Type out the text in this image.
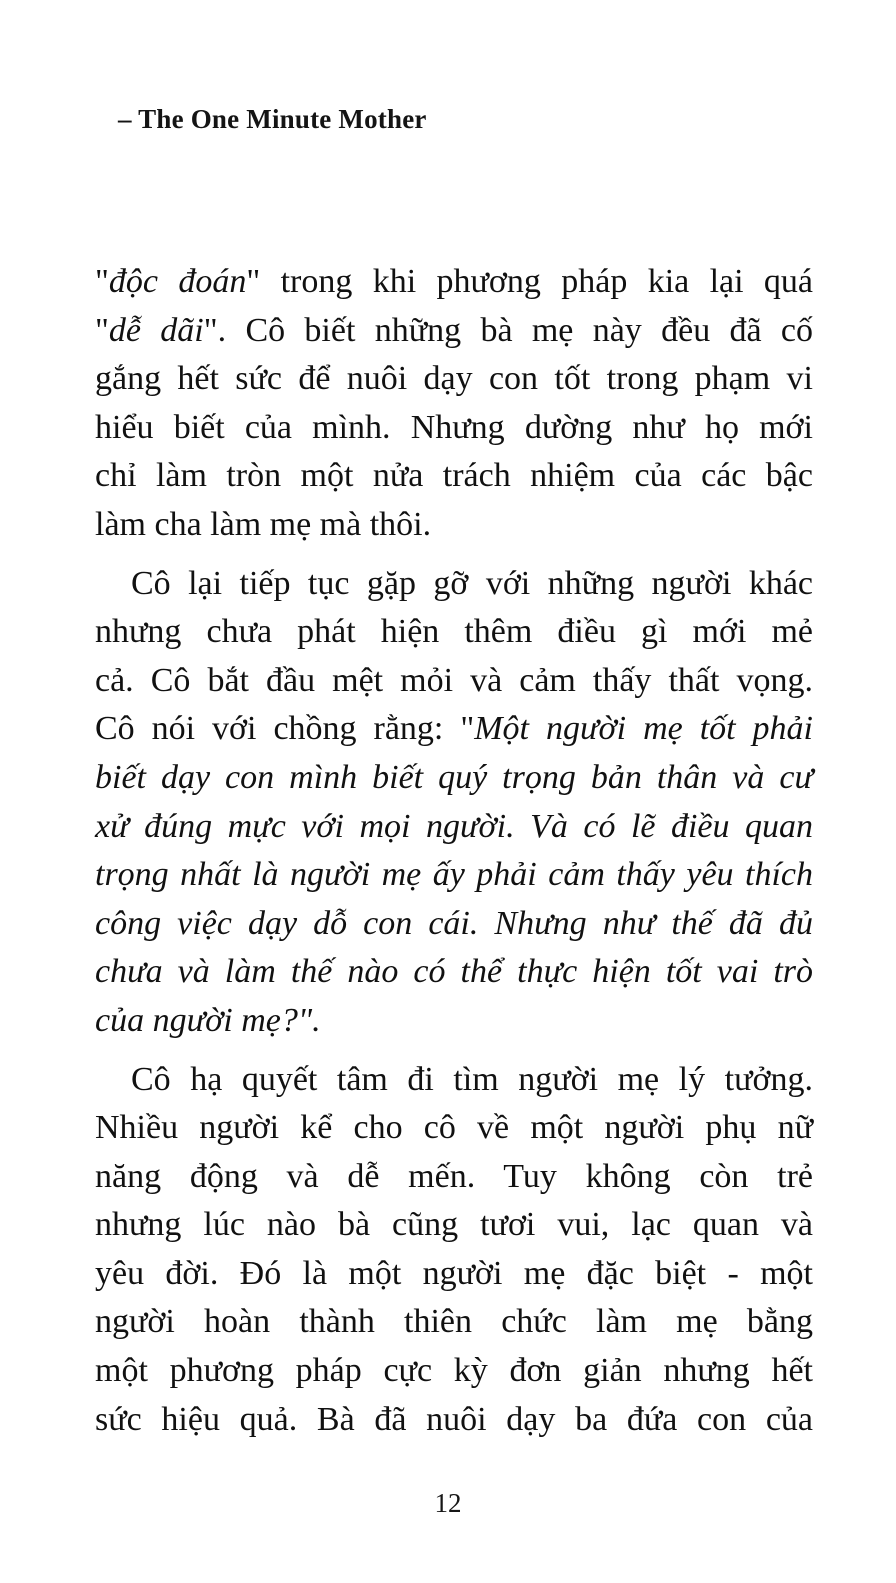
– The One Minute Mother

"độc đoán" trong khi phương pháp kia lại quá
"dễ dãi". Cô biết những bà mẹ này đều đã cố
gắng hết sức để nuôi dạy con tốt trong phạm vi
hiểu biết của mình. Nhưng dường như họ mới
chỉ làm tròn một nửa trách nhiệm của các bậc
làm cha làm mẹ mà thôi.

Cô lại tiếp tục gặp gỡ với những người khác
nhưng chưa phát hiện thêm điều gì mới mẻ
cả. Cô bắt đầu mệt mỏi và cảm thấy thất vọng.
Cô nói với chồng rằng: "Một người mẹ tốt phải
biết dạy con mình biết quý trọng bản thân và cư
xử đúng mực với mọi người. Và có lẽ điều quan
trọng nhất là người mẹ ấy phải cảm thấy yêu thích
công việc dạy dỗ con cái. Nhưng như thế đã đủ
chưa và làm thế nào có thể thực hiện tốt vai trò
của người mẹ?".

Cô hạ quyết tâm đi tìm người mẹ lý tưởng.
Nhiều người kể cho cô về một người phụ nữ
năng động và dễ mến. Tuy không còn trẻ
nhưng lúc nào bà cũng tươi vui, lạc quan và
yêu đời. Đó là một người mẹ đặc biệt - một
người hoàn thành thiên chức làm mẹ bằng
một phương pháp cực kỳ đơn giản nhưng hết
sức hiệu quả. Bà đã nuôi dạy ba đứa con của

12
